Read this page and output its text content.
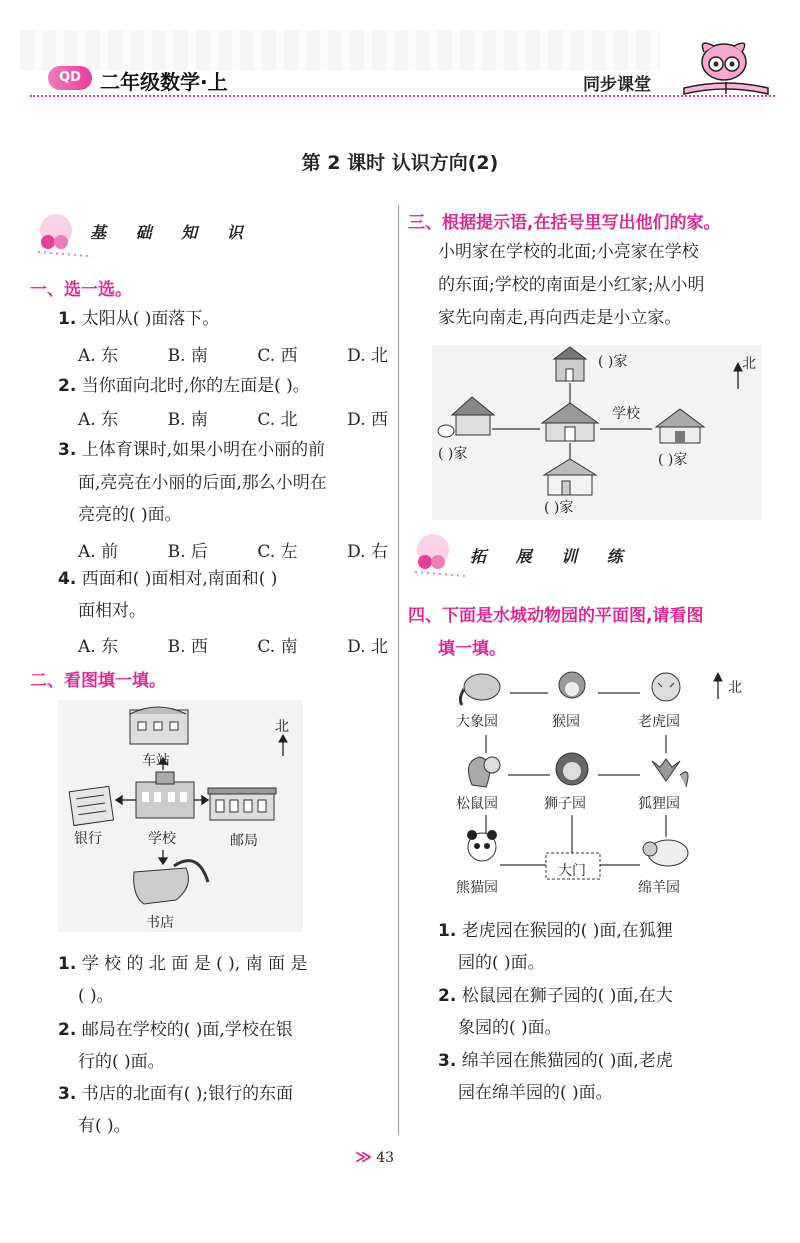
QD 二年级数学·上	同步课堂
第 2 课时 认识方向(2)
基 础 知 识
一、选一选。
1. 太阳从( )面落下。
A. 东	B. 南	C. 西	D. 北
2. 当你面向北时,你的左面是( )。
A. 东	B. 南	C. 北	D. 西
3. 上体育课时,如果小明在小丽的前
面,亮亮在小丽的后面,那么小明在
亮亮的( )面。
A. 前	B. 后	C. 左	D. 右
4. 西面和( )面相对,南面和( )
面相对。
A. 东	B. 西	C. 南	D. 北
二、看图填一填。
北
车站
银行	学校	邮局
书店
1. 学 校 的 北 面 是 ( ), 南 面 是
( )。
2. 邮局在学校的( )面,学校在银
行的( )面。
3. 书店的北面有( );银行的东面
有( )。
三、根据提示语,在括号里写出他们的家。
小明家在学校的北面;小亮家在学校
的东面;学校的南面是小红家;从小明
家先向南走,再向西走是小立家。
( )家
学校
( )家	( )家
( )家
北
拓 展 训 练
四、下面是水城动物园的平面图,请看图
填一填。
北
大象园	猴园	老虎园
松鼠园	狮子园	狐狸园
熊猫园
大门
绵羊园
1. 老虎园在猴园的( )面,在狐狸
园的( )面。
2. 松鼠园在狮子园的( )面,在大
象园的( )面。
3. 绵羊园在熊猫园的( )面,老虎
园在绵羊园的( )面。
≫ 43
